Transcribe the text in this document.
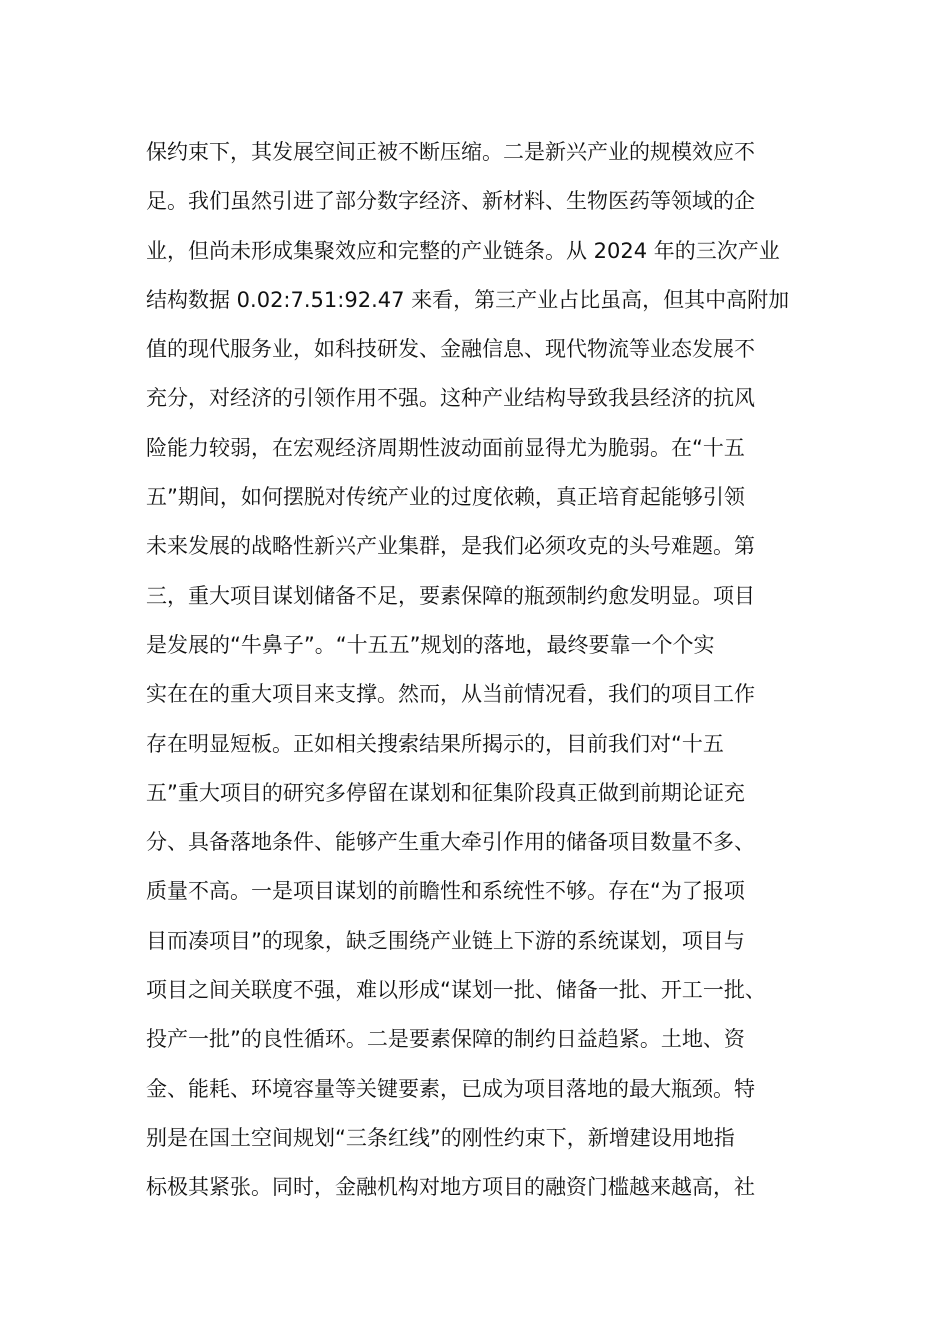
保约束下，其发展空间正被不断压缩。二是新兴产业的规模效应不
足。我们虽然引进了部分数字经济、新材料、生物医药等领域的企
业，但尚未形成集聚效应和完整的产业链条。从 2024 年的三次产业
结构数据 0.02:7.51:92.47 来看，第三产业占比虽高，但其中高附加
值的现代服务业，如科技研发、金融信息、现代物流等业态发展不
充分，对经济的引领作用不强。这种产业结构导致我县经济的抗风
险能力较弱，在宏观经济周期性波动面前显得尤为脆弱。在“十五
五”期间，如何摆脱对传统产业的过度依赖，真正培育起能够引领
未来发展的战略性新兴产业集群，是我们必须攻克的头号难题。第
三，重大项目谋划储备不足，要素保障的瓶颈制约愈发明显。项目
是发展的“牛鼻子”。“十五五”规划的落地，最终要靠一个个实
实在在的重大项目来支撑。然而，从当前情况看，我们的项目工作
存在明显短板。正如相关搜索结果所揭示的，目前我们对“十五
五”重大项目的研究多停留在谋划和征集阶段真正做到前期论证充
分、具备落地条件、能够产生重大牵引作用的储备项目数量不多、
质量不高。一是项目谋划的前瞻性和系统性不够。存在“为了报项
目而凑项目”的现象，缺乏围绕产业链上下游的系统谋划，项目与
项目之间关联度不强，难以形成“谋划一批、储备一批、开工一批、
投产一批”的良性循环。二是要素保障的制约日益趋紧。土地、资
金、能耗、环境容量等关键要素，已成为项目落地的最大瓶颈。特
别是在国土空间规划“三条红线”的刚性约束下，新增建设用地指
标极其紧张。同时，金融机构对地方项目的融资门槛越来越高，社
